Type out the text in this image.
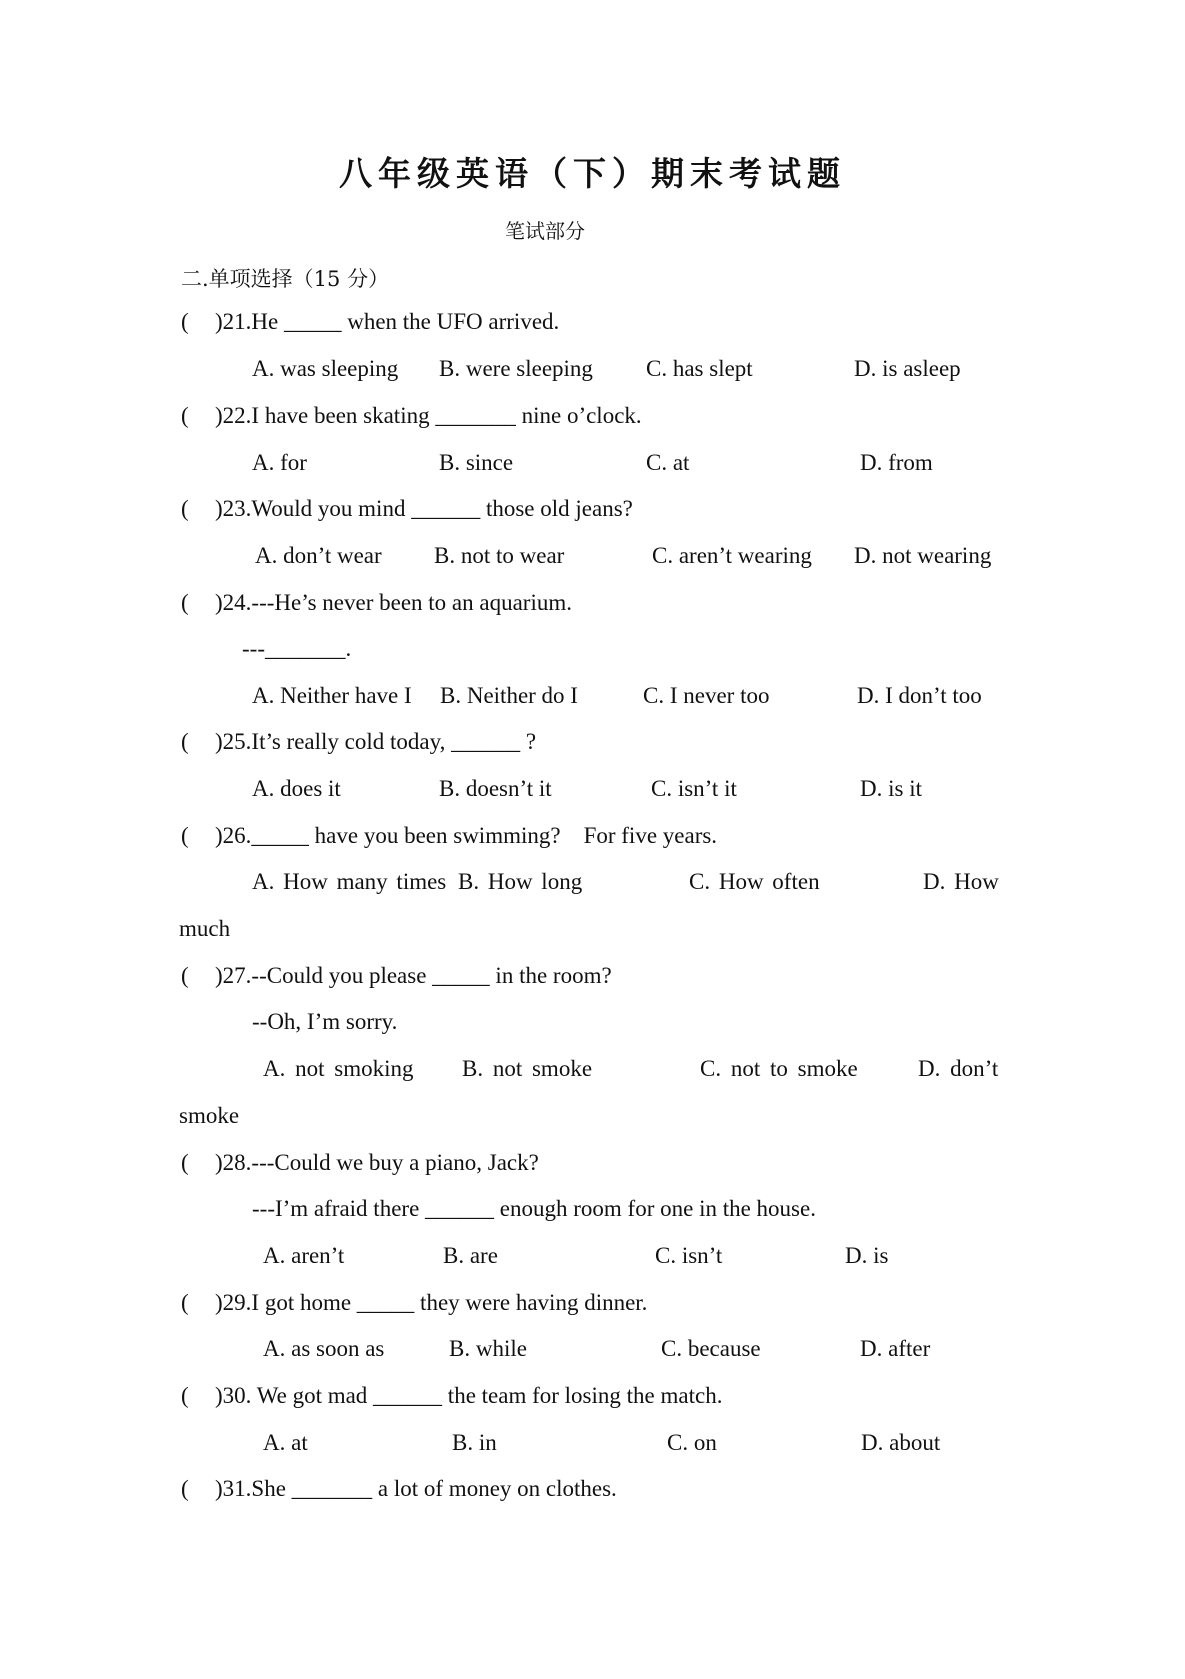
八年级英语（下）期末考试题
笔试部分
二.单项选择（15 分）
( )21.He _____ when the UFO arrived.
A. was sleeping B. were sleeping C. has slept	D. is asleep
( )22.I have been skating _______ nine o’clock.
A. for	B. since	C. at	D. from
( )23.Would you mind ______ those old jeans?
A. don’t wear B. not to wear	C. aren’t wearing D. not wearing
( )24.---He’s never been to an aquarium.
---_______.
A. Neither have I B. Neither do I	C. I never too	D. I don’t too
( )25.It’s really cold today, ______ ?
A. does it	B. doesn’t it	C. isn’t it	D. is it
( )26._____ have you been swimming?    For five years.
A. How many times B. How long	C. How often	D. How
much
( )27.--Could you please _____ in the room?
--Oh, I’m sorry.
A. not smoking B. not smoke	C. not to smoke	D. don’t
smoke
( )28.---Could we buy a piano, Jack?
---I’m afraid there ______ enough room for one in the house.
A. aren’t	B. are	C. isn’t	D. is
( )29.I got home _____ they were having dinner.
A. as soon as	B. while	C. because	D. after
( )30. We got mad ______ the team for losing the match.
A. at	B. in	C. on	D. about
( )31.She _______ a lot of money on clothes.
